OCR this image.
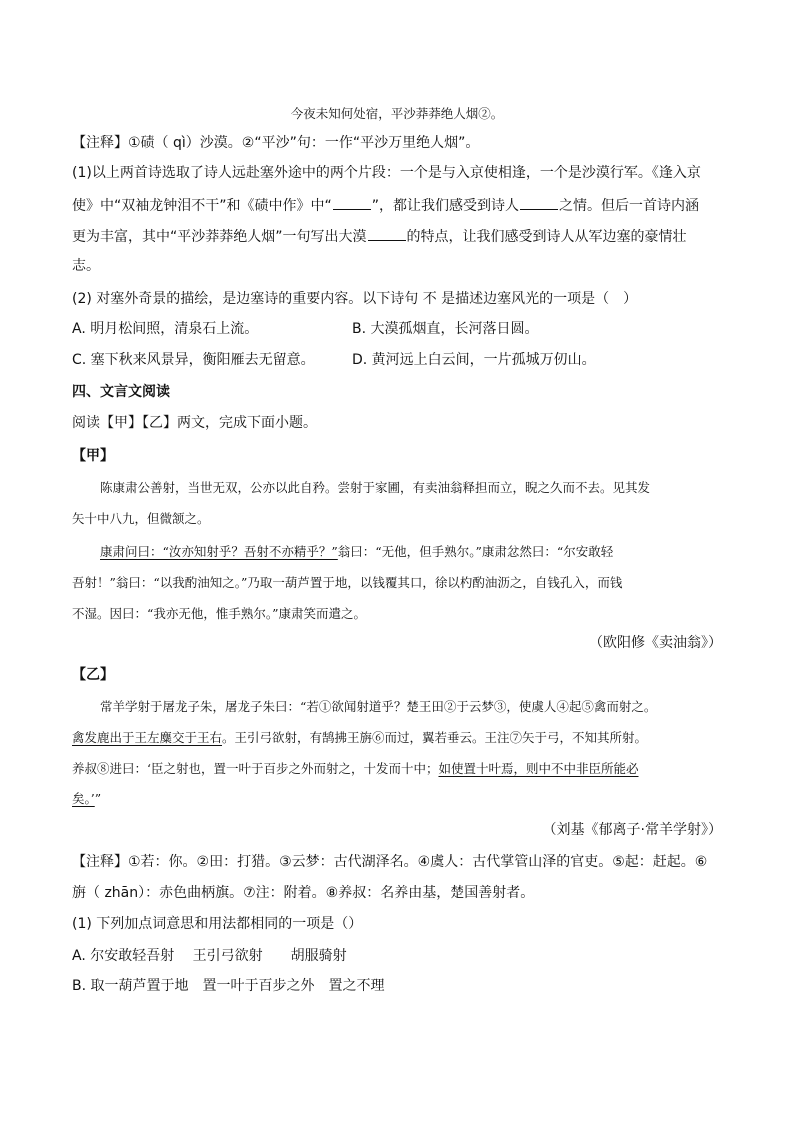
今夜未知何处宿，平沙莽莽绝人烟②。
【注释】①碛（ qì）沙漠。②“平沙”句：一作“平沙万里绝人烟”。
(1)以上两首诗选取了诗人远赴塞外途中的两个片段：一个是与入京使相逢，一个是沙漠行军。《逢入京
使》中“双袖龙钟泪不干”和《碛中作》中“	”，都让我们感受到诗人	之情。但后一首诗内涵
更为丰富，其中“平沙莽莽绝人烟”一句写出大漠	的特点，让我们感受到诗人从军边塞的豪情壮
志。
(2) 对塞外奇景的描绘，是边塞诗的重要内容。以下诗句 不 是描述边塞风光的一项是（　）
A. 明月松间照，清泉石上流。	B. 大漠孤烟直，长河落日圆。
C. 塞下秋来风景异，衡阳雁去无留意。	D. 黄河远上白云间，一片孤城万仞山。
四、文言文阅读
阅读【甲】【乙】两文，完成下面小题。
【甲】
陈康肃公善射，当世无双，公亦以此自矜。尝射于家圃，有卖油翁释担而立，睨之久而不去。见其发
矢十中八九，但微颔之。
康肃问曰：“汝亦知射乎？吾射不亦精乎？”翁曰：“无他，但手熟尔。”康肃忿然曰：“尔安敢轻
吾射！”翁曰：“以我酌油知之。”乃取一葫芦置于地，以钱覆其口，徐以杓酌油沥之，自钱孔入，而钱
不湿。因曰：“我亦无他，惟手熟尔。”康肃笑而遣之。
（欧阳修《卖油翁》）
【乙】
常羊学射于屠龙子朱，屠龙子朱曰：“若①欲闻射道乎？楚王田②于云梦③，使虞人④起⑤禽而射之。
禽发鹿出于王左麋交于王右。王引弓欲射，有鹄拂王旃⑥而过，翼若垂云。王注⑦矢于弓，不知其所射。
养叔⑧进曰：‘臣之射也，置一叶于百步之外而射之，十发而十中；如使置十叶焉，则中不中非臣所能必
矣。’”
（刘基《郁离子·常羊学射》）
【注释】①若：你。②田：打猎。③云梦：古代湖泽名。④虞人：古代掌管山泽的官吏。⑤起：赶起。⑥
旃（ zhān）：赤色曲柄旗。⑦注：附着。⑧养叔：名养由基，楚国善射者。
(1) 下列加点词意思和用法都相同的一项是（）
A. 尔安敢轻吾射　 王引弓欲射　　胡服骑射
B. 取一葫芦置于地　置一叶于百步之外　置之不理
